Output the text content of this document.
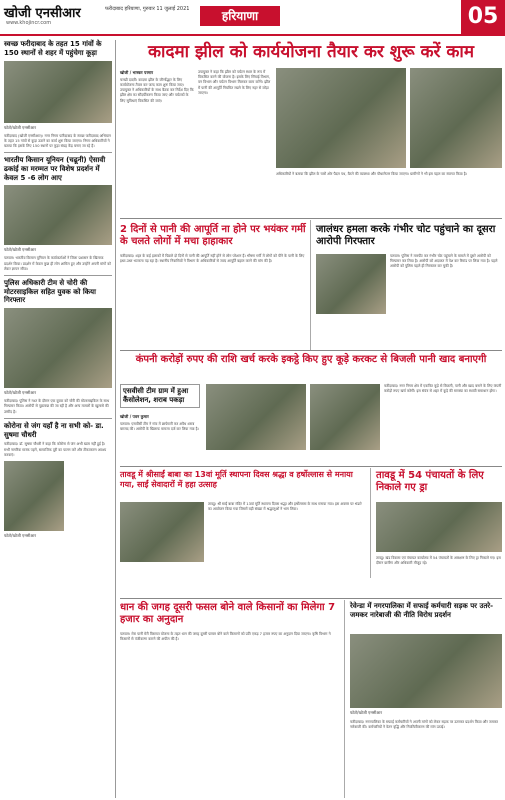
खोजी एनसीआर
www.khojincr.com
फरीदाबाद हरियाणा, गुरुवार 11 जुलाई 2021	हरियाणा	05
स्वच्छ फरीदाबाद के तहत 15 गांवों के 150 स्थानों से शहर में पहुंचेगा कूड़ा
फोटो/खोजी एनसीआर
फरीदाबाद (खोजी एनसीआर)। नगर निगम फरीदाबाद के स्वच्छ फरीदाबाद अभियान के तहत 15 गांवों से कूड़ा उठाने का कार्य शुरू किया जाएगा। निगम अधिकारियों ने बताया कि इसके लिए 150 स्थानों पर कूड़ा संग्रह केंद्र बनाए जा रहे हैं।
भारतीय किसान यूनियन (चढूनी) ऐसावी ढकांई का मरम्मत पर विशेष प्रदर्शन में केवल 5 -6 लोग आए
फोटो/खोजी एनसीआर
पलवल। भारतीय किसान यूनियन के कार्यकर्ताओं ने जिला प्रशासन के खिलाफ प्रदर्शन किया। प्रदर्शन में केवल कुछ ही लोग शामिल हुए और उन्होंने अपनी मांगों को लेकर ज्ञापन सौंपा।
पुलिस अधिकारी टीम से चोरी की मोटरसाइकिल सहित युवक को किया गिरफ्तार
फोटो/खोजी एनसीआर
फरीदाबाद। पुलिस ने गश्त के दौरान एक युवक को चोरी की मोटरसाइकिल के साथ गिरफ्तार किया। आरोपी से पूछताछ की जा रही है और अन्य मामलों के खुलासे की उम्मीद है।
कोरोना से जंग यहाँ है ना सभी को- डा. सुषमा चौधरी
फरीदाबाद। डॉ. सुषमा चौधरी ने कहा कि कोरोना से जंग अभी खत्म नहीं हुई है। सभी नागरिक मास्क पहनें, सामाजिक दूरी का पालन करें और टीकाकरण अवश्य करवाएं।
फोटो/खोजी एनसीआर
कादमा झील को कार्ययोजना तैयार कर शुरू करें काम
खोजी / भास्कर परमार
चरखी दादरी। कादमा झील के जीर्णोद्धार के लिए कार्ययोजना तैयार कर जल्द काम शुरू किया जाए। उपायुक्त ने अधिकारियों के साथ बैठक कर निर्देश दिए कि झील क्षेत्र का सौंदर्यीकरण किया जाए और पर्यटकों के लिए सुविधाएं विकसित की जाएं।
उपायुक्त ने कहा कि झील को पर्यटन स्थल के रूप में विकसित करने की योजना है। इसके लिए सिंचाई विभाग, वन विभाग और पर्यटन विभाग मिलकर काम करेंगे। झील में पानी की आपूर्ति नियमित रखने के लिए नहर से जोड़ा जाएगा।
अधिकारियों ने बताया कि झील के चारों ओर पैदल पथ, बैठने की व्यवस्था और पौधारोपण किया जाएगा। ग्रामीणों ने भी इस पहल का स्वागत किया है।
2 दिनों से पानी की आपूर्ति ना होने पर भयंकर गर्मी के चलते लोगों में मचा हाहाकार
फरीदाबाद। शहर के कई इलाकों में पिछले दो दिनों से पानी की आपूर्ति नहीं होने से लोग परेशान हैं। भीषण गर्मी में लोगों को पीने के पानी के लिए इधर-उधर भटकना पड़ रहा है। स्थानीय निवासियों ने विभाग के अधिकारियों से जल्द आपूर्ति बहाल करने की मांग की है।
जालंधर हमला करके गंभीर चोट पहुंचाने का दूसरा आरोपी गिरफ्तार
पलवल। पुलिस ने मारपीट कर गंभीर चोट पहुंचाने के मामले में दूसरे आरोपी को गिरफ्तार कर लिया है। आरोपी को अदालत में पेश कर रिमांड पर लिया गया है। पहले आरोपी को पुलिस पहले ही गिरफ्तार कर चुकी है।
कंपनी करोड़ों रुपए की राशि खर्च करके इकट्ठे किए हुए कूड़े करकट से बिजली पानी खाद बनाएगी
एसवीसी टीम ग्राम में हुआ कैंसोलेशन, शराब पकड़ा
खोजी / पवन कुमार
पलवल। एसवीसी टीम ने गांव में छापेमारी कर अवैध शराब बरामद की। आरोपी के खिलाफ मामला दर्ज कर लिया गया है।
फरीदाबाद। नगर निगम क्षेत्र में एकत्रित कूड़े से बिजली, पानी और खाद बनाने के लिए कंपनी करोड़ों रुपए खर्च करेगी। इस संयंत्र से शहर में कूड़े की समस्या का स्थायी समाधान होगा।
तावडू में श्रीसाईं बाबा का 13वां मूर्ति स्थापना दिवस श्रद्धा व हर्षोल्लास से मनाया गया, साईं सेवादारों में हहा उत्साह
तावडू। श्री साईं बाबा मंदिर में 13वां मूर्ति स्थापना दिवस श्रद्धा और हर्षोल्लास के साथ मनाया गया। इस अवसर पर भंडारे का आयोजन किया गया जिसमें बड़ी संख्या में श्रद्धालुओं ने भाग लिया।
तावडू में 54 पंचायतों के लिए निकाले गए ड्रा
तावडू। खंड विकास एवं पंचायत कार्यालय में 54 पंचायतों के आरक्षण के लिए ड्रा निकाले गए। इस दौरान ग्रामीण और अधिकारी मौजूद रहे।
धान की जगह दूसरी फसल बोने वाले किसानों का मिलेगा 7 हजार का अनुदान
पलवल। मेरा पानी मेरी विरासत योजना के तहत धान की जगह दूसरी फसल बोने वाले किसानों को प्रति एकड़ 7 हजार रुपए का अनुदान दिया जाएगा। कृषि विभाग ने किसानों से पंजीकरण कराने की अपील की है।
रेवेन्डा में नगरपालिका में सफाई कर्मचारी सड़क पर उतरे- जमकर नारेबाजी की नीति विरोध प्रदर्शन
फोटो/खोजी एनसीआर
फरीदाबाद। नगरपालिका के सफाई कर्मचारियों ने अपनी मांगों को लेकर सड़क पर उतरकर प्रदर्शन किया और जमकर नारेबाजी की। कर्मचारियों ने वेतन वृद्धि और नियमितीकरण की मांग उठाई।
